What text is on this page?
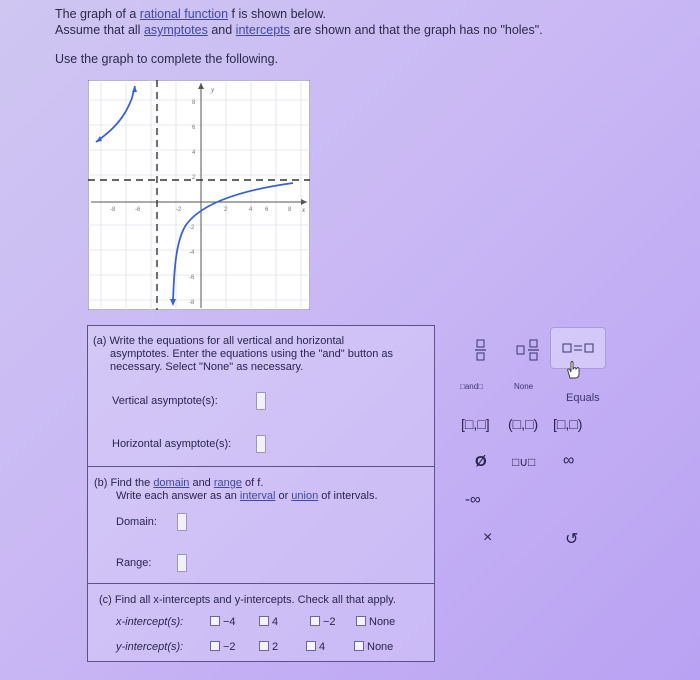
The graph of a rational function f is shown below.
Assume that all asymptotes and intercepts are shown and that the graph has no "holes".
Use the graph to complete the following.
y
x
-8	-6	-2	2	4 6	8
8
6
4
2
-2
-4
-6
-8
(a) Write the equations for all vertical and horizontal
asymptotes. Enter the equations using the "and" button as
necessary. Select "None" as necessary.
Vertical asymptote(s):
Horizontal asymptote(s):
(b) Find the domain and range of f.
Write each answer as an interval or union of intervals.
Domain:
Range:
(c) Find all x-intercepts and y-intercepts. Check all that apply.
x-intercept(s):	−4	4	−2	None
y-intercept(s):	−2	2	4	None
□and□	None
Equals
[□,□] (□,□) [□,□)
Ø □∪□ ∞
-∞
×	↺
